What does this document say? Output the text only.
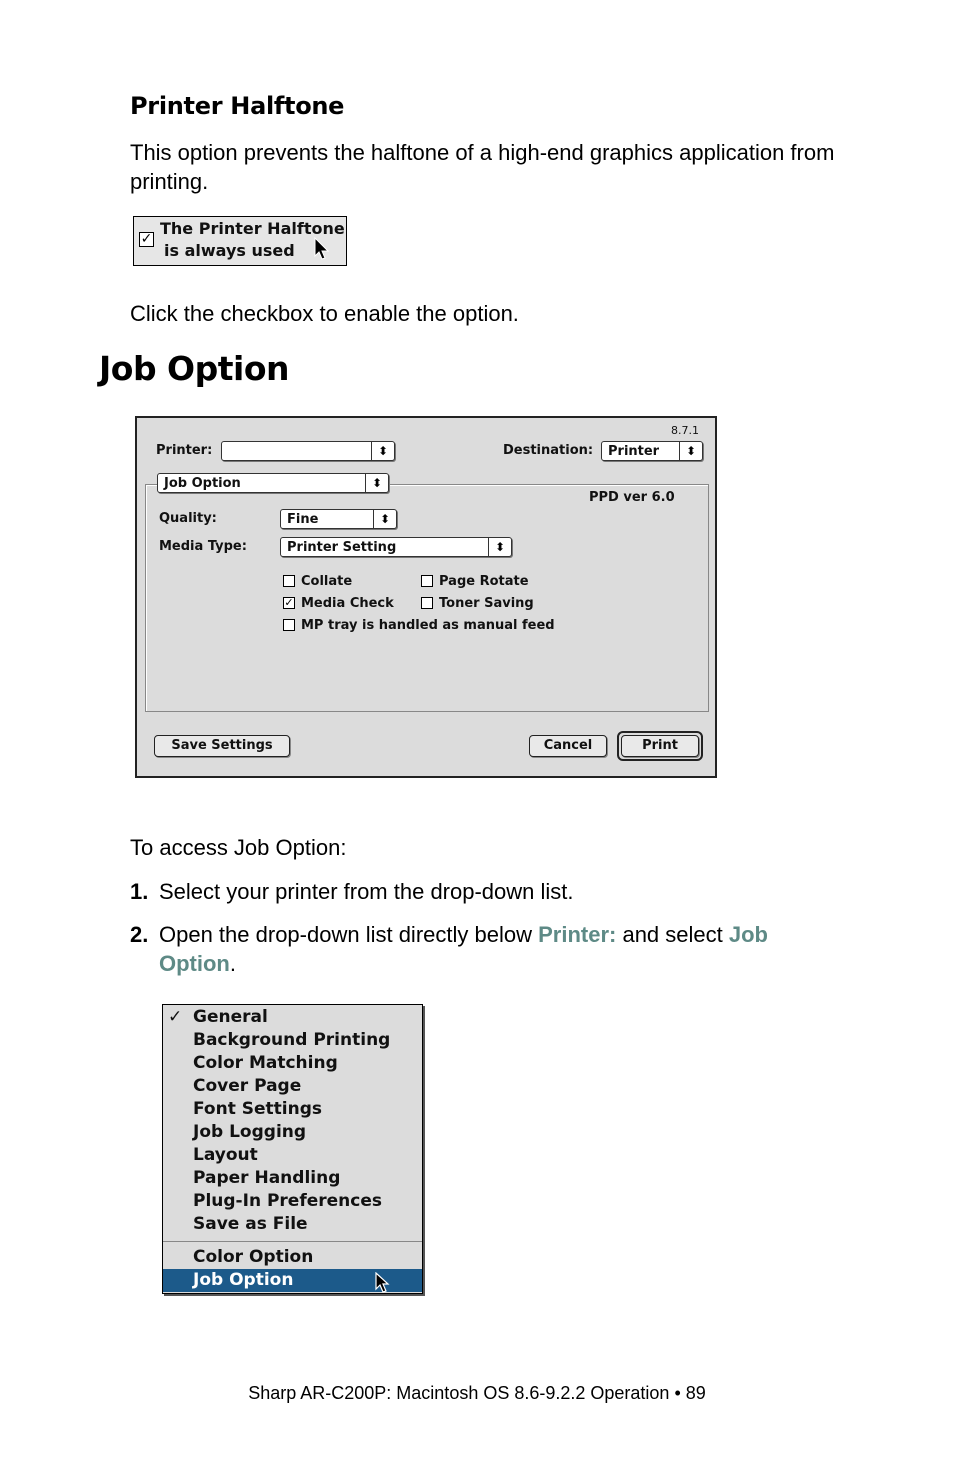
Printer Halftone
This option prevents the halftone of a high-end graphics application from printing.
✓
The Printer Halftone
is always used
Click the checkbox to enable the option.
Job Option
8.7.1
Printer:	⬍	Destination: Printer	⬍
Job Option	⬍
PPD ver 6.0
Quality:	Fine	⬍
Media Type:	Printer Setting	⬍
Collate	Page Rotate
✓ Media Check	Toner Saving
MP tray is handled as manual feed
Save Settings	Cancel	Print
To access Job Option:
1. Select your printer from the drop-down list.
2. Open the drop-down list directly below Printer: and select Job
Option.
✓ General
Background Printing
Color Matching
Cover Page
Font Settings
Job Logging
Layout
Paper Handling
Plug-In Preferences
Save as File
Color Option
Job Option
Sharp AR-C200P: Macintosh OS 8.6-9.2.2 Operation • 89
